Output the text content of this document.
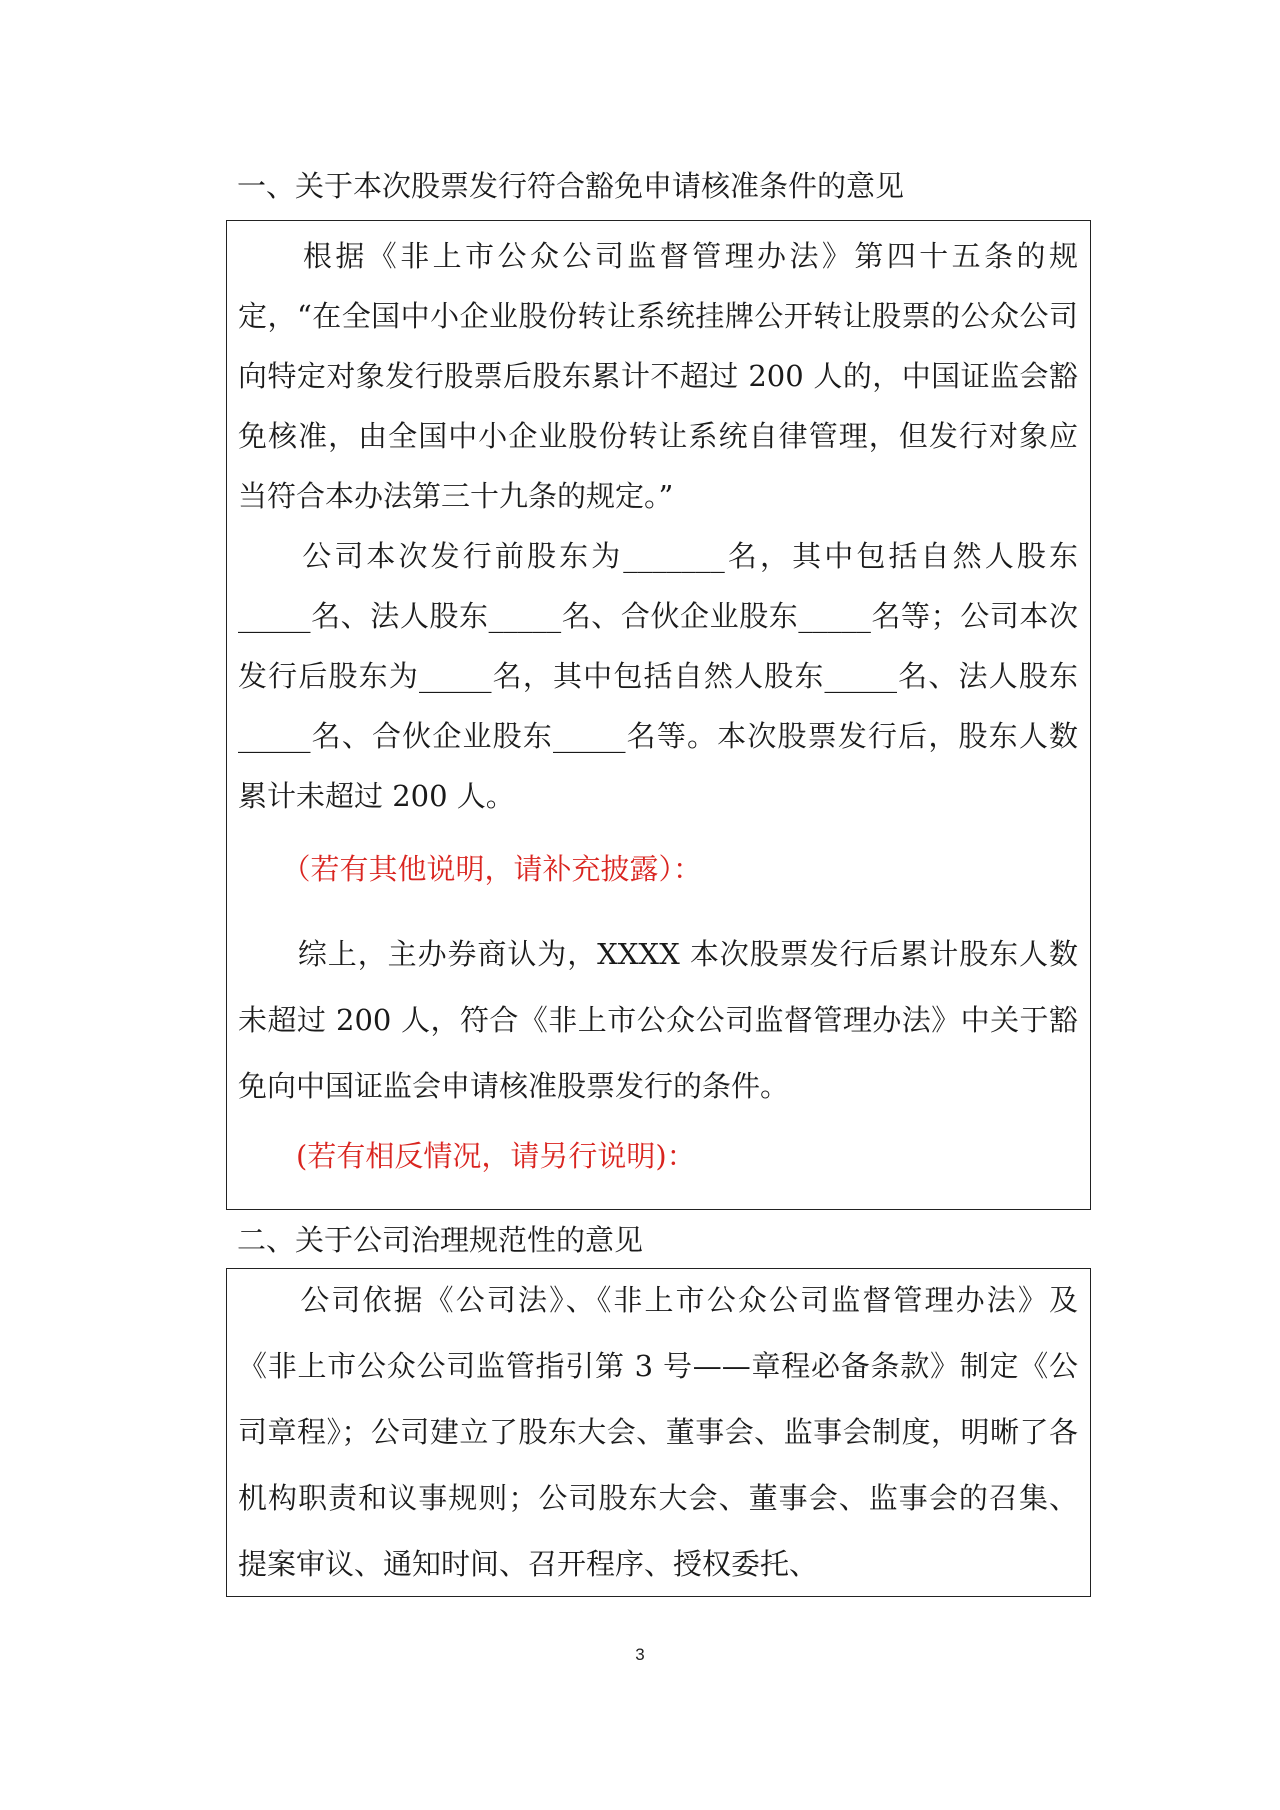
一、关于本次股票发行符合豁免申请核准条件的意见

　　根据《非上市公众公司监督管理办法》第四十五条的规定，“在全国中小企业股份转让系统挂牌公开转让股票的公众公司向特定对象发行股票后股东累计不超过 200 人的，中国证监会豁免核准，由全国中小企业股份转让系统自律管理，但发行对象应当符合本办法第三十九条的规定。”

　　公司本次发行前股东为_______名，其中包括自然人股东_____名、法人股东_____名、合伙企业股东_____名等；公司本次发行后股东为_____名，其中包括自然人股东_____名、法人股东_____名、合伙企业股东_____名等。本次股票发行后，股东人数累计未超过 200 人。

　　（若有其他说明，请补充披露）：

　　综上，主办券商认为，XXXX 本次股票发行后累计股东人数未超过 200 人，符合《非上市公众公司监督管理办法》中关于豁免向中国证监会申请核准股票发行的条件。

　　(若有相反情况，请另行说明)：

二、关于公司治理规范性的意见

　　公司依据《公司法》、《非上市公众公司监督管理办法》及《非上市公众公司监管指引第 3 号——章程必备条款》制定《公司章程》；公司建立了股东大会、董事会、监事会制度，明晰了各机构职责和议事规则；公司股东大会、董事会、监事会的召集、提案审议、通知时间、召开程序、授权委托、

3
